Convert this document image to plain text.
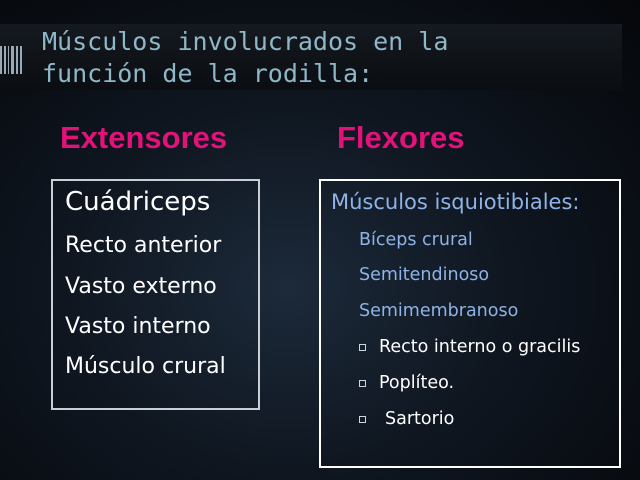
Músculos involucrados en la
función de la rodilla:
Extensores	Flexores

Cuádriceps

Recto anterior

Vasto externo

Vasto interno

Músculo crural

Músculos isquiotibiales:

Bíceps crural

Semitendinoso

Semimembranoso

Recto interno o gracilis
Poplíteo.
Sartorio
